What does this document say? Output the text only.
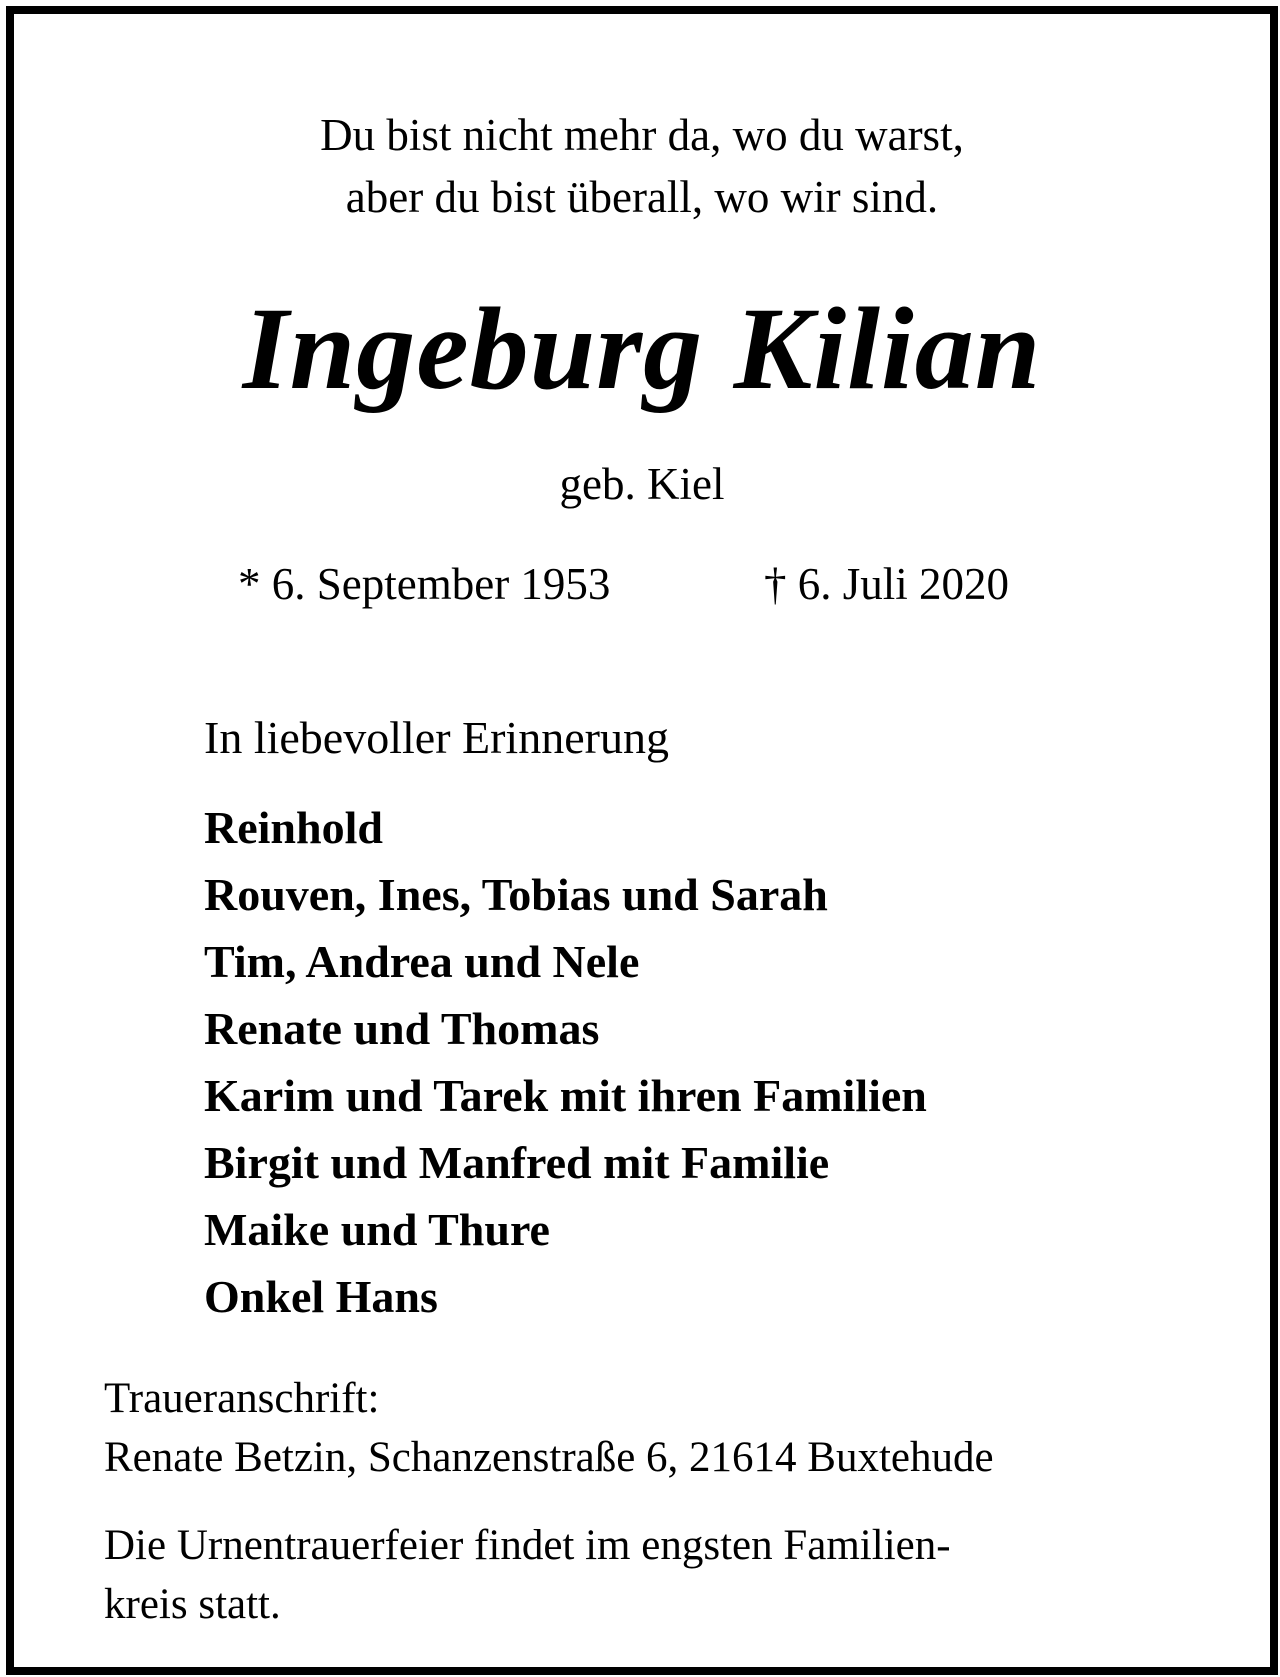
Du bist nicht mehr da, wo du warst,
aber du bist überall, wo wir sind.
Ingeburg Kilian
geb. Kiel
* 6. September 1953	† 6. Juli 2020
In liebevoller Erinnerung
Reinhold
Rouven, Ines, Tobias und Sarah
Tim, Andrea und Nele
Renate und Thomas
Karim und Tarek mit ihren Familien
Birgit und Manfred mit Familie
Maike und Thure
Onkel Hans
Traueranschrift:
Renate Betzin, Schanzenstraße 6, 21614 Buxtehude
Die Urnentrauerfeier findet im engsten Familien-
kreis statt.
